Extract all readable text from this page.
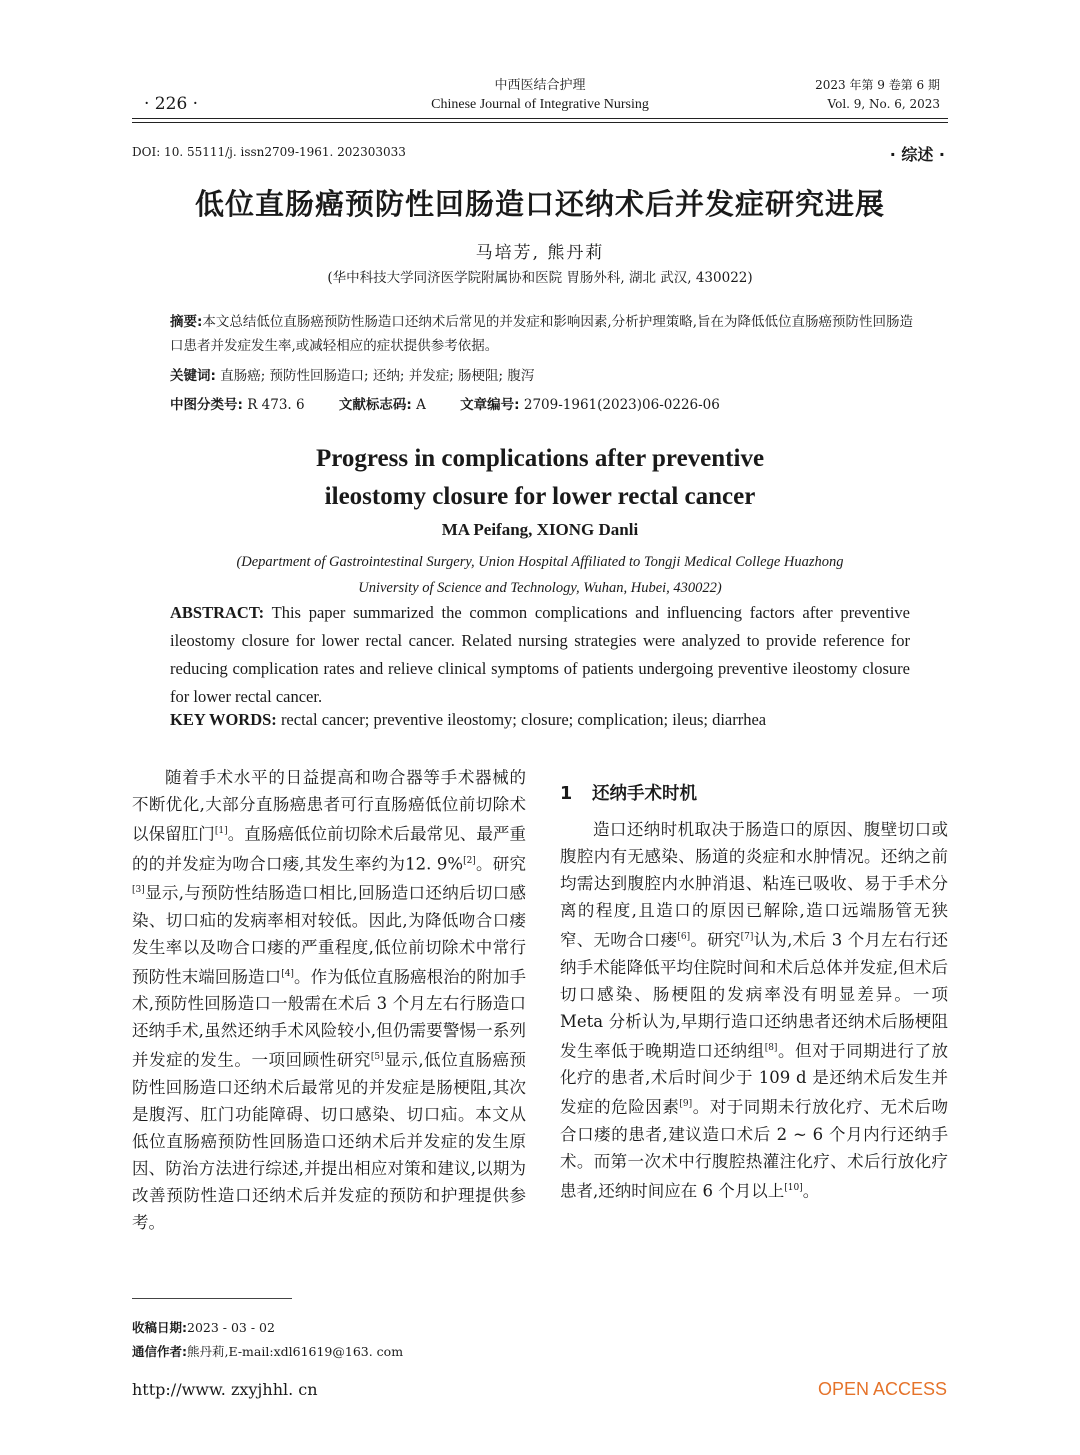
· 226 ·
中西医结合护理
Chinese Journal of Integrative Nursing
2023 年第 9 卷第 6 期
Vol. 9, No. 6, 2023
DOI: 10. 55111/j. issn2709-1961. 202303033	· 综述 ·
低位直肠癌预防性回肠造口还纳术后并发症研究进展
马培芳, 熊丹莉
(华中科技大学同济医学院附属协和医院 胃肠外科, 湖北 武汉, 430022)
摘要:本文总结低位直肠癌预防性肠造口还纳术后常见的并发症和影响因素,分析护理策略,旨在为降低低位直肠癌预防性回肠造口患者并发症发生率,或减轻相应的症状提供参考依据。
关键词: 直肠癌; 预防性回肠造口; 还纳; 并发症; 肠梗阻; 腹泻
中图分类号: R 473. 6	文献标志码: A	文章编号: 2709-1961(2023)06-0226-06
Progress in complications after preventive
ileostomy closure for lower rectal cancer
MA Peifang, XIONG Danli
(Department of Gastrointestinal Surgery, Union Hospital Affiliated to Tongji Medical College Huazhong
University of Science and Technology, Wuhan, Hubei, 430022)
ABSTRACT: This paper summarized the common complications and influencing factors after preventive ileostomy closure for lower rectal cancer. Related nursing strategies were analyzed to provide reference for reducing complication rates and relieve clinical symptoms of patients undergoing preventive ileostomy closure for lower rectal cancer.
KEY WORDS: rectal cancer; preventive ileostomy; closure; complication; ileus; diarrhea

随着手术水平的日益提高和吻合器等手术器械的不断优化,大部分直肠癌患者可行直肠癌低位前切除术以保留肛门[1]。直肠癌低位前切除术后最常见、最严重的的并发症为吻合口瘘,其发生率约为12. 9%[2]。研究[3]显示,与预防性结肠造口相比,回肠造口还纳后切口感染、切口疝的发病率相对较低。因此,为降低吻合口瘘发生率以及吻合口瘘的严重程度,低位前切除术中常行预防性末端回肠造口[4]。作为低位直肠癌根治的附加手术,预防性回肠造口一般需在术后 3 个月左右行肠造口还纳手术,虽然还纳手术风险较小,但仍需要警惕一系列并发症的发生。一项回顾性研究[5]显示,低位直肠癌预防性回肠造口还纳术后最常见的并发症是肠梗阻,其次是腹泻、肛门功能障碍、切口感染、切口疝。本文从低位直肠癌预防性回肠造口还纳术后并发症的发生原因、防治方法进行综述,并提出相应对策和建议,以期为改善预防性造口还纳术后并发症的预防和护理提供参考。

1 还纳手术时机

造口还纳时机取决于肠造口的原因、腹壁切口或腹腔内有无感染、肠道的炎症和水肿情况。还纳之前均需达到腹腔内水肿消退、粘连已吸收、易于手术分离的程度,且造口的原因已解除,造口远端肠管无狭窄、无吻合口瘘[6]。研究[7]认为,术后 3 个月左右行还纳手术能降低平均住院时间和术后总体并发症,但术后切口感染、肠梗阻的发病率没有明显差异。一项 Meta 分析认为,早期行造口还纳患者还纳术后肠梗阻发生率低于晚期造口还纳组[8]。但对于同期进行了放化疗的患者,术后时间少于 109 d 是还纳术后发生并发症的危险因素[9]。对于同期未行放化疗、无术后吻合口瘘的患者,建议造口术后 2 ~ 6 个月内行还纳手术。而第一次术中行腹腔热灌注化疗、术后行放化疗患者,还纳时间应在 6 个月以上[10]。

收稿日期:2023 - 03 - 02
通信作者:熊丹莉,E-mail:xdl61619@163. com
http://www. zxyjhhl. cn	OPEN ACCESS
